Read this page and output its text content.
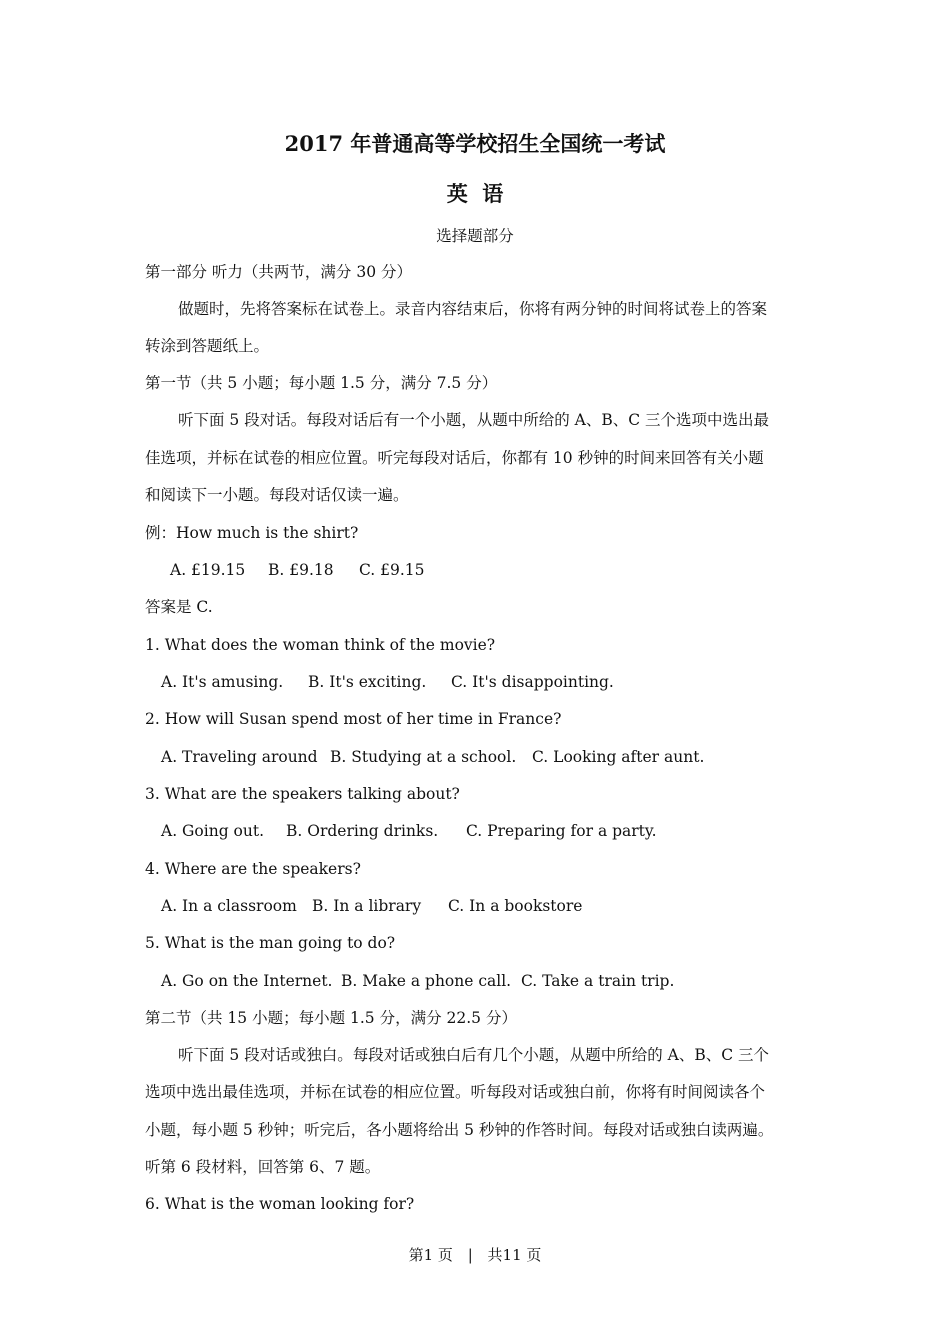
2017 年普通高等学校招生全国统一考试
英  语
选择题部分
第一部分 听力（共两节，满分 30 分）
做题时，先将答案标在试卷上。录音内容结束后，你将有两分钟的时间将试卷上的答案
转涂到答题纸上。
第一节（共 5 小题；每小题 1.5 分，满分 7.5 分）
听下面 5 段对话。每段对话后有一个小题，从题中所给的 A、B、C 三个选项中选出最
佳选项，并标在试卷的相应位置。听完每段对话后，你都有 10 秒钟的时间来回答有关小题
和阅读下一小题。每段对话仅读一遍。
例：How much is the shirt?
A. £19.15 B. £9.18 C. £9.15
答案是 C.
1. What does the woman think of the movie?
A. It's amusing. B. It's exciting. C. It's disappointing.
2. How will Susan spend most of her time in France?
A. Traveling around B. Studying at a school. C. Looking after aunt.
3. What are the speakers talking about?
A. Going out. B. Ordering drinks. C. Preparing for a party.
4. Where are the speakers?
A. In a classroom B. In a library C. In a bookstore
5. What is the man going to do?
A. Go on the Internet. B. Make a phone call. C. Take a train trip.
第二节（共 15 小题；每小题 1.5 分，满分 22.5 分）
听下面 5 段对话或独白。每段对话或独白后有几个小题，从题中所给的 A、B、C 三个
选项中选出最佳选项，并标在试卷的相应位置。听每段对话或独白前，你将有时间阅读各个
小题，每小题 5 秒钟；听完后，各小题将给出 5 秒钟的作答时间。每段对话或独白读两遍。
听第 6 段材料，回答第 6、7 题。
6. What is the woman looking for?
第1 页 | 共11 页
